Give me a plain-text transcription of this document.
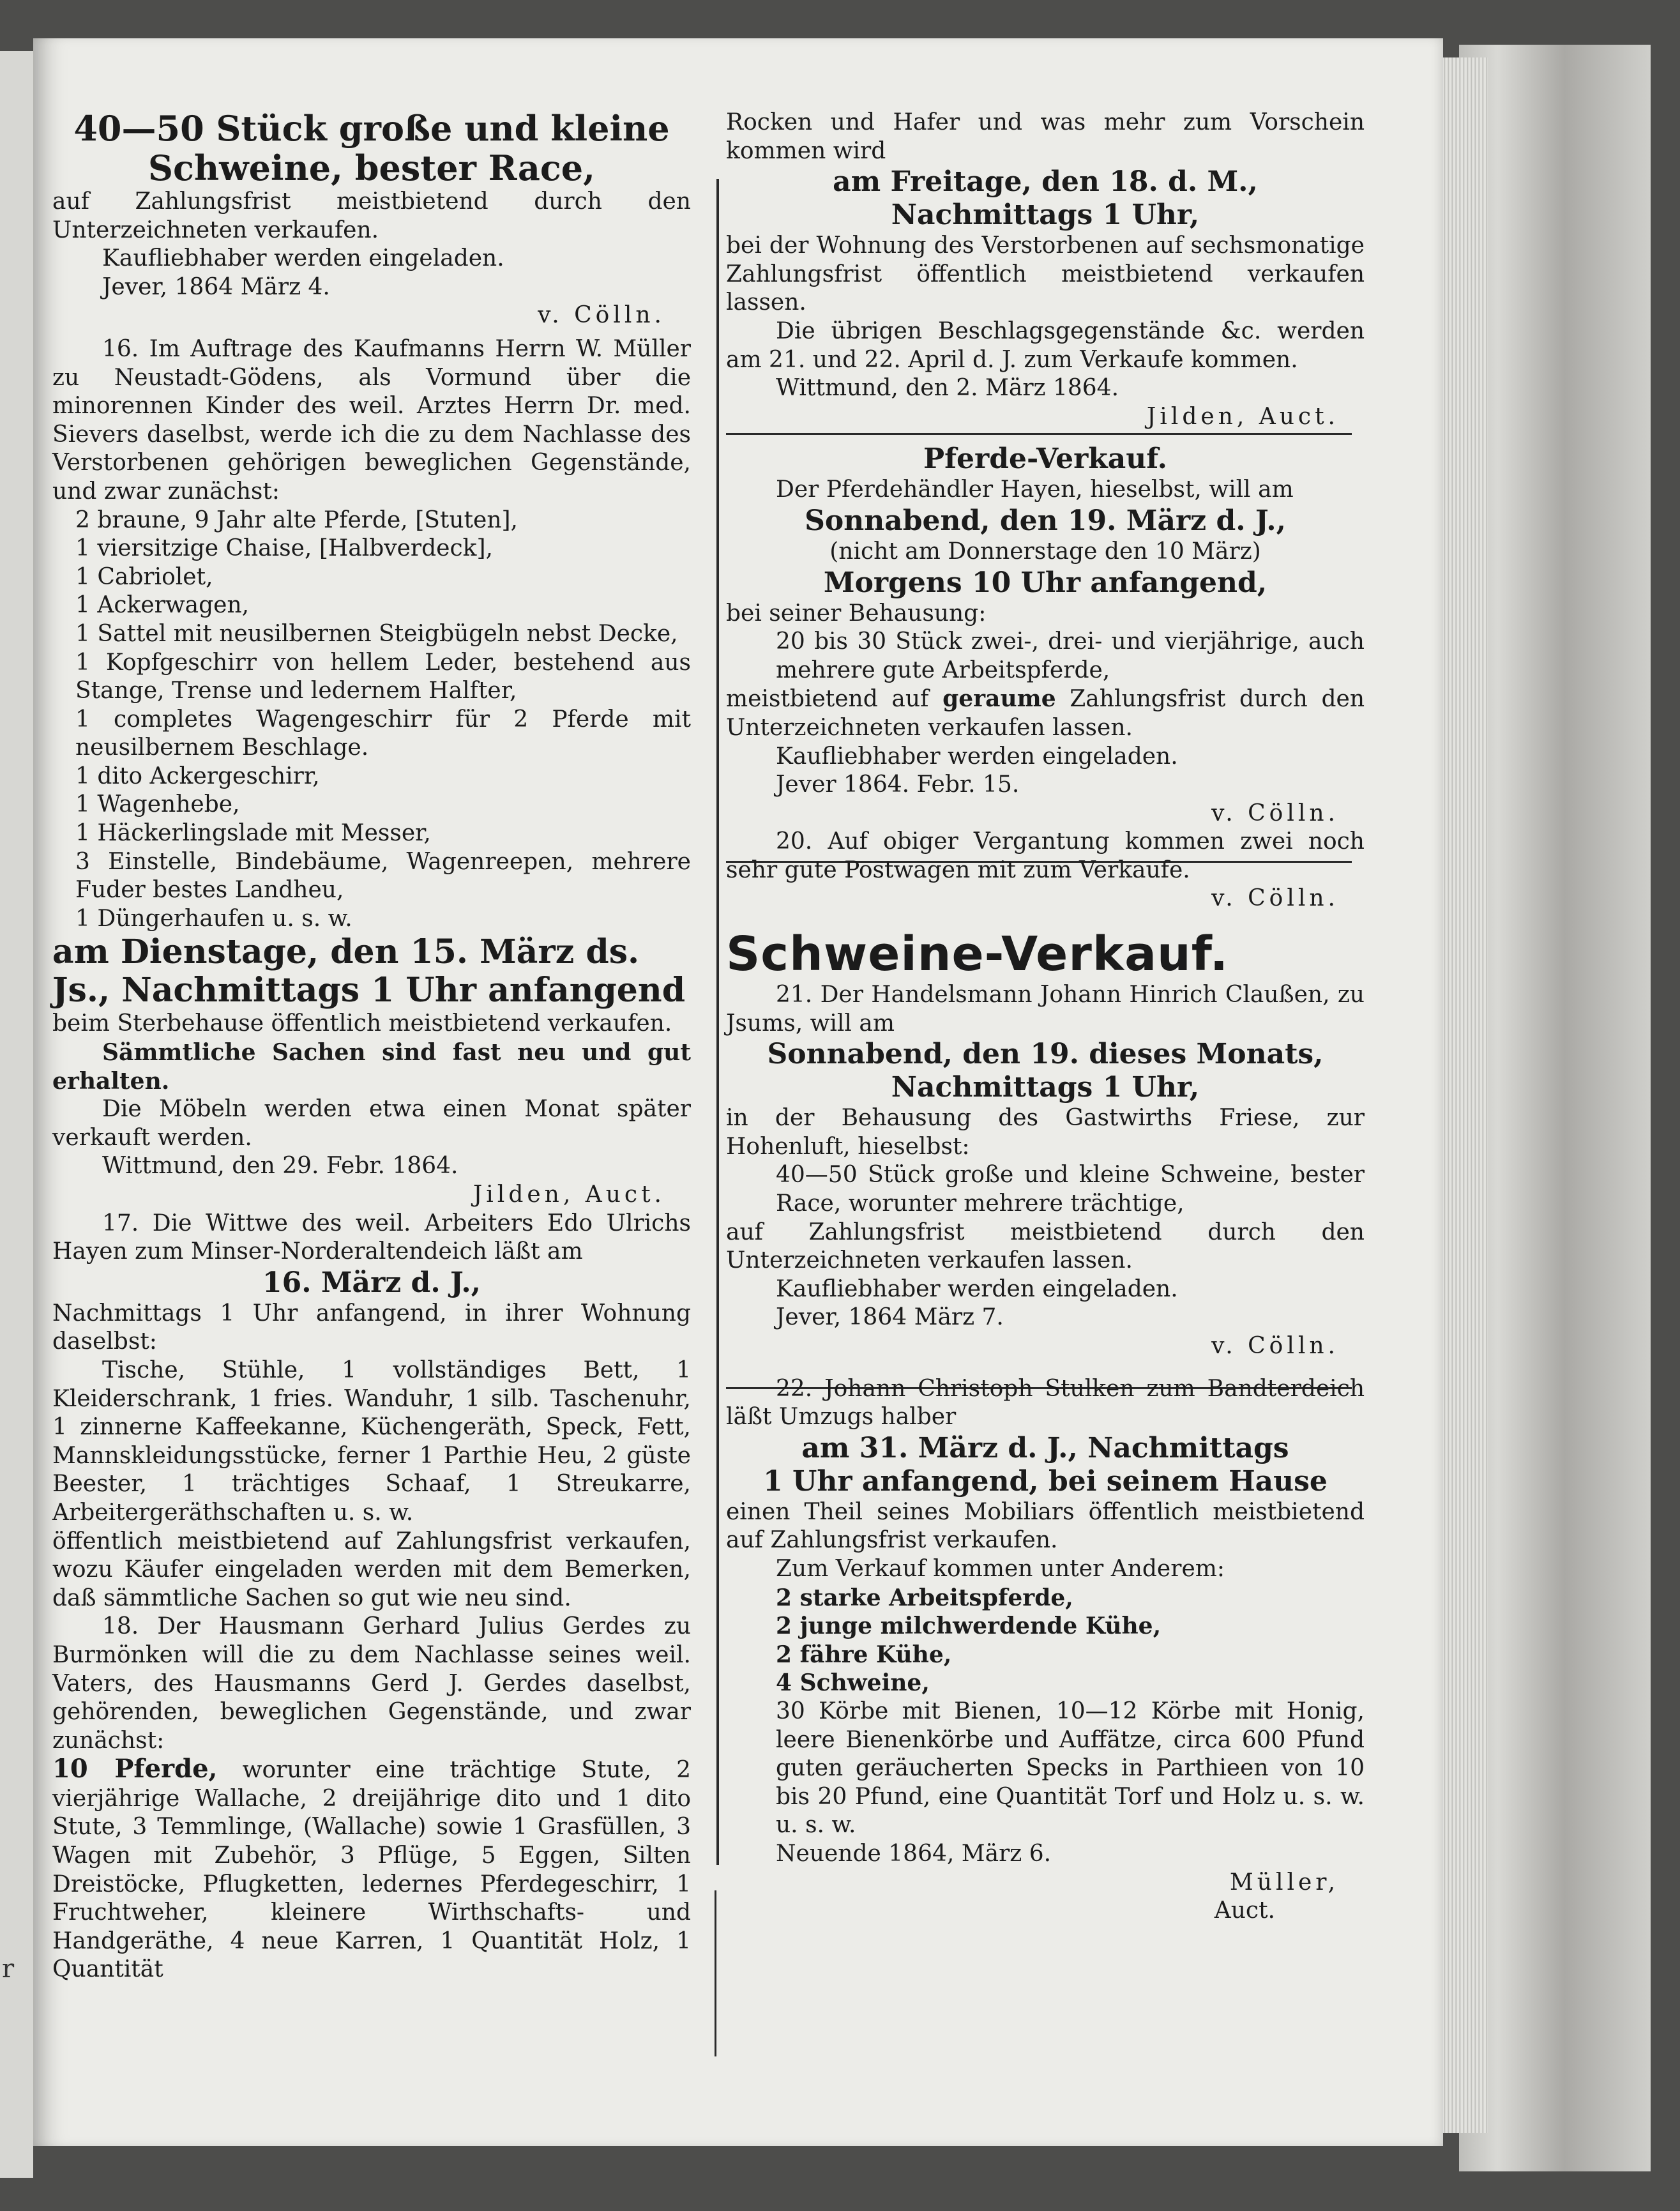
r

40—50 Stück große und kleine

Schweine, bester Race,

auf Zahlungsfrist meistbietend durch den Unterzeichneten verkaufen.

Kaufliebhaber werden eingeladen.

Jever, 1864 März 4.

v. Cölln.

16. Im Auftrage des Kaufmanns Herrn W. Müller zu Neustadt-Gödens, als Vormund über die minorennen Kinder des weil. Arztes Herrn Dr. med. Sievers daselbst, werde ich die zu dem Nachlasse des Verstorbenen gehörigen beweglichen Gegenstände, und zwar zunächst:

2 braune, 9 Jahr alte Pferde, [Stuten],

1 viersitzige Chaise, [Halbverdeck],

1 Cabriolet,

1 Ackerwagen,

1 Sattel mit neusilbernen Steigbügeln nebst Decke,

1 Kopfgeschirr von hellem Leder, bestehend aus Stange, Trense und ledernem Halfter,

1 completes Wagengeschirr für 2 Pferde mit neusilbernem Beschlage.

1 dito Ackergeschirr,

1 Wagenhebe,

1 Häckerlingslade mit Messer,

3 Einstelle, Bindebäume, Wagenreepen, mehrere Fuder bestes Landheu,

1 Düngerhaufen u. s. w.

am Dienstage, den 15. März ds. Js., Nachmittags 1 Uhr anfangend

beim Sterbehause öffentlich meistbietend verkaufen.

Sämmtliche Sachen sind fast neu und gut erhalten.

Die Möbeln werden etwa einen Monat später verkauft werden.

Wittmund, den 29. Febr. 1864.

Jilden, Auct.

17. Die Wittwe des weil. Arbeiters Edo Ulrichs Hayen zum Minser-Norderaltendeich läßt am

16. März d. J.,

Nachmittags 1 Uhr anfangend, in ihrer Wohnung daselbst:

Tische, Stühle, 1 vollständiges Bett, 1 Kleiderschrank, 1 fries. Wanduhr, 1 silb. Taschenuhr, 1 zinnerne Kaffeekanne, Küchengeräth, Speck, Fett, Mannskleidungsstücke, ferner 1 Parthie Heu, 2 güste Beester, 1 trächtiges Schaaf, 1 Streukarre, Arbeitergeräthschaften u. s. w.

öffentlich meistbietend auf Zahlungsfrist verkaufen, wozu Käufer eingeladen werden mit dem Bemerken, daß sämmtliche Sachen so gut wie neu sind.

18. Der Hausmann Gerhard Julius Gerdes zu Burmönken will die zu dem Nachlasse seines weil. Vaters, des Hausmanns Gerd J. Gerdes daselbst, gehörenden, beweglichen Gegenstände, und zwar zunächst:

10 Pferde, worunter eine trächtige Stute, 2 vierjährige Wallache, 2 dreijährige dito und 1 dito Stute, 3 Temmlinge, (Wallache) sowie 1 Grasfüllen, 3 Wagen mit Zubehör, 3 Pflüge, 5 Eggen, Silten Dreistöcke, Pflugketten, ledernes Pferdegeschirr, 1 Fruchtweher, kleinere Wirthschafts- und Handgeräthe, 4 neue Karren, 1 Quantität Holz, 1 Quantität

Rocken und Hafer und was mehr zum Vorschein kommen wird

am Freitage, den 18. d. M.,

Nachmittags 1 Uhr,

bei der Wohnung des Verstorbenen auf sechsmonatige Zahlungsfrist öffentlich meistbietend verkaufen lassen.

Die übrigen Beschlagsgegenstände &c. werden am 21. und 22. April d. J. zum Verkaufe kommen.

Wittmund, den 2. März 1864.

Jilden, Auct.

Pferde-Verkauf.

Der Pferdehändler Hayen, hieselbst, will am

Sonnabend, den 19. März d. J.,

(nicht am Donnerstage den 10 März)

Morgens 10 Uhr anfangend,

bei seiner Behausung:

20 bis 30 Stück zwei-, drei- und vierjährige, auch mehrere gute Arbeitspferde,

meistbietend auf geraume Zahlungsfrist durch den Unterzeichneten verkaufen lassen.

Kaufliebhaber werden eingeladen.

Jever 1864. Febr. 15.

v. Cölln.

20. Auf obiger Vergantung kommen zwei noch sehr gute Postwagen mit zum Verkaufe.

v. Cölln.

Schweine-Verkauf.

21. Der Handelsmann Johann Hinrich Claußen, zu Jsums, will am

Sonnabend, den 19. dieses Monats,

Nachmittags 1 Uhr,

in der Behausung des Gastwirths Friese, zur Hohenluft, hieselbst:

40—50 Stück große und kleine Schweine, bester Race, worunter mehrere trächtige,

auf Zahlungsfrist meistbietend durch den Unterzeichneten verkaufen lassen.

Kaufliebhaber werden eingeladen.

Jever, 1864 März 7.

v. Cölln.

22. Johann Christoph Stulken zum Bandterdeich läßt Umzugs halber

am 31. März d. J., Nachmittags

1 Uhr anfangend, bei seinem Hause

einen Theil seines Mobiliars öffentlich meistbietend auf Zahlungsfrist verkaufen.

Zum Verkauf kommen unter Anderem:

2 starke Arbeitspferde,

2 junge milchwerdende Kühe,

2 fähre Kühe,

4 Schweine,

30 Körbe mit Bienen, 10—12 Körbe mit Honig, leere Bienenkörbe und Auffätze, circa 600 Pfund guten geräucherten Specks in Parthieen von 10 bis 20 Pfund, eine Quantität Torf und Holz u. s. w. u. s. w.

Neuende 1864, März 6.

Müller,

Auct.
